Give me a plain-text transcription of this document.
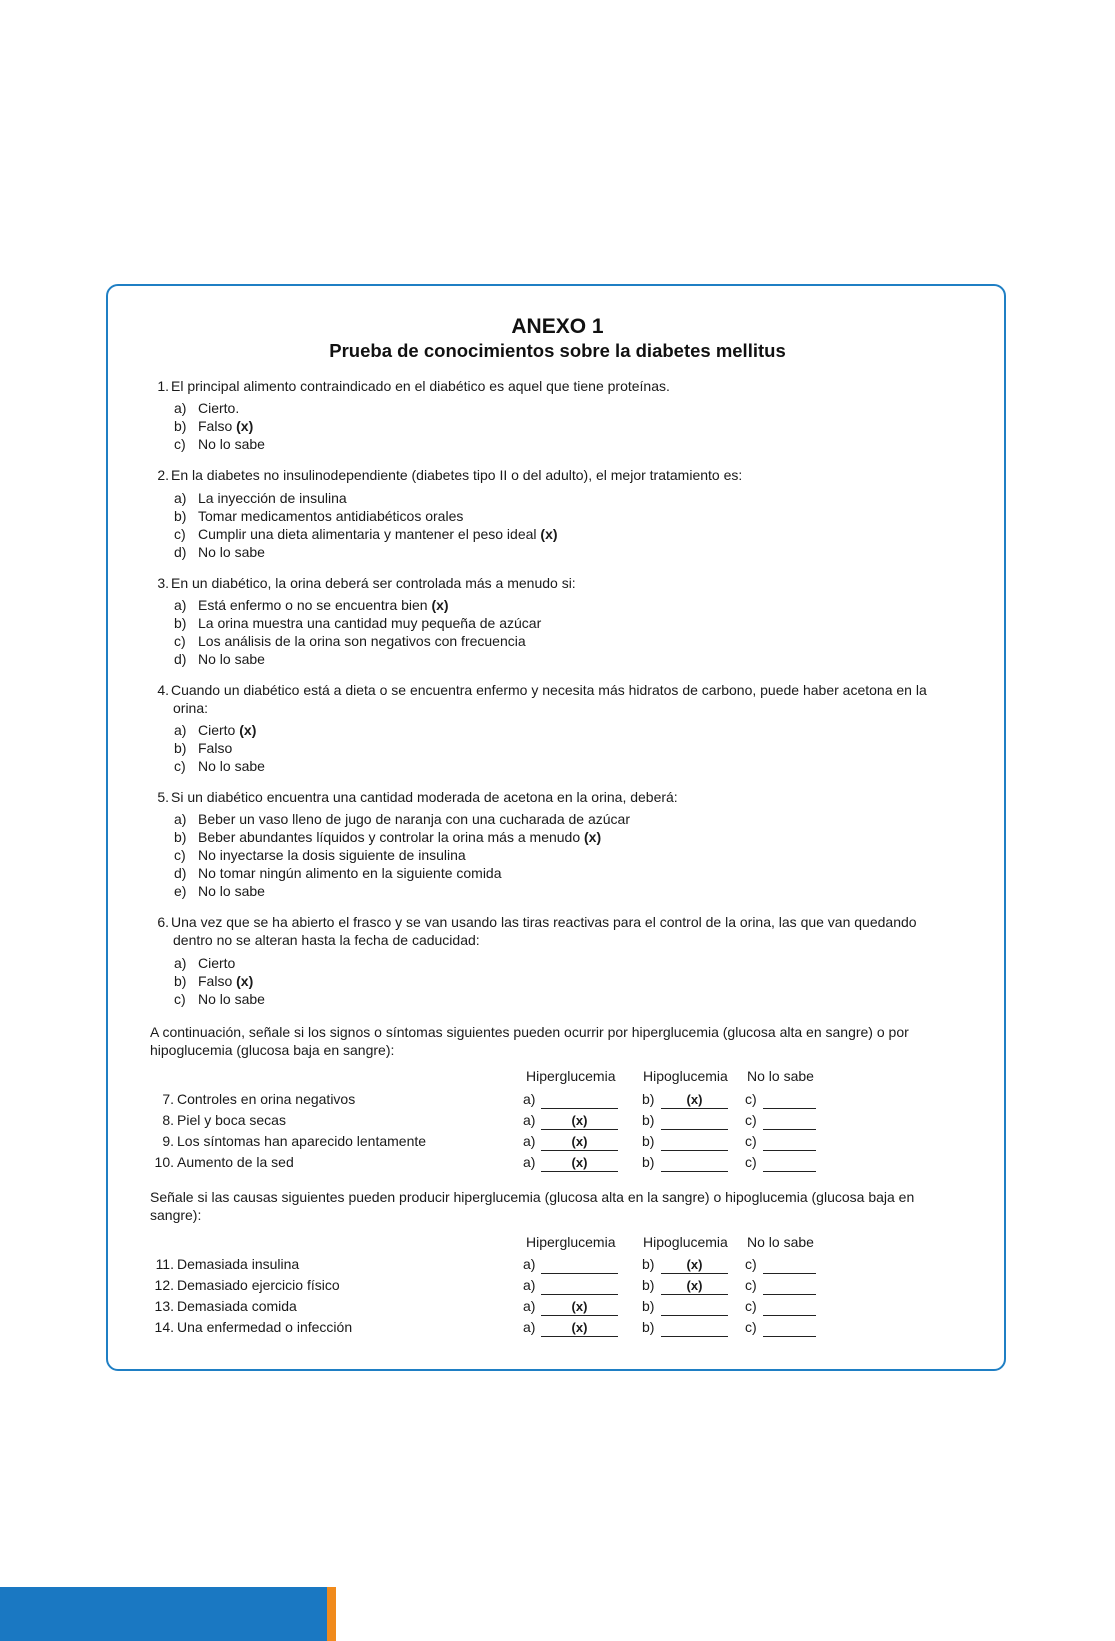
ANEXO 1
Prueba de conocimientos sobre la diabetes mellitus
1. El principal alimento contraindicado en el diabético es aquel que tiene proteínas.
a) Cierto.
b) Falso (x)
c) No lo sabe
2. En la diabetes no insulinodependiente (diabetes tipo II o del adulto), el mejor tratamiento es:
a) La inyección de insulina
b) Tomar medicamentos antidiabéticos orales
c) Cumplir una dieta alimentaria y mantener el peso ideal (x)
d) No lo sabe
3. En un diabético, la orina deberá ser controlada más a menudo si:
a) Está enfermo o no se encuentra bien (x)
b) La orina muestra una cantidad muy pequeña de azúcar
c) Los análisis de la orina son negativos con frecuencia
d) No lo sabe
4. Cuando un diabético está a dieta o se encuentra enfermo y necesita más hidratos de carbono, puede haber acetona en la orina:
a) Cierto (x)
b) Falso
c) No lo sabe
5. Si un diabético encuentra una cantidad moderada de acetona en la orina, deberá:
a) Beber un vaso lleno de jugo de naranja con una cucharada de azúcar
b) Beber abundantes líquidos y controlar la orina más a menudo (x)
c) No inyectarse la dosis siguiente de insulina
d) No tomar ningún alimento en la siguiente comida
e) No lo sabe
6. Una vez que se ha abierto el frasco y se van usando las tiras reactivas para el control de la orina, las que van quedando dentro no se alteran hasta la fecha de caducidad:
a) Cierto
b) Falso (x)
c) No lo sabe
A continuación, señale si los signos o síntomas siguientes pueden ocurrir por hiperglucemia (glucosa alta en sangre) o por hipoglucemia (glucosa baja en sangre):
Hiperglucemia Hipoglucemia No lo sabe
7. Controles en orina negativos	a)	b)	(x)	c)
8. Piel y boca secas	a)	(x)	b)	c)
9. Los síntomas han aparecido lentamente	a)	(x)	b)	c)
10. Aumento de la sed	a)	(x)	b)	c)
11. Demasiada insulina	a)	b)	(x)	c)
12. Demasiado ejercicio físico	a)	b)	(x)	c)
13. Demasiada comida	a)	(x)	b)	c)
14. Una enfermedad o infección	a)	(x)	b)	c)
Señale si las causas siguientes pueden producir hiperglucemia (glucosa alta en la sangre) o hipoglucemia (glucosa baja en sangre):
Hiperglucemia Hipoglucemia No lo sabe
